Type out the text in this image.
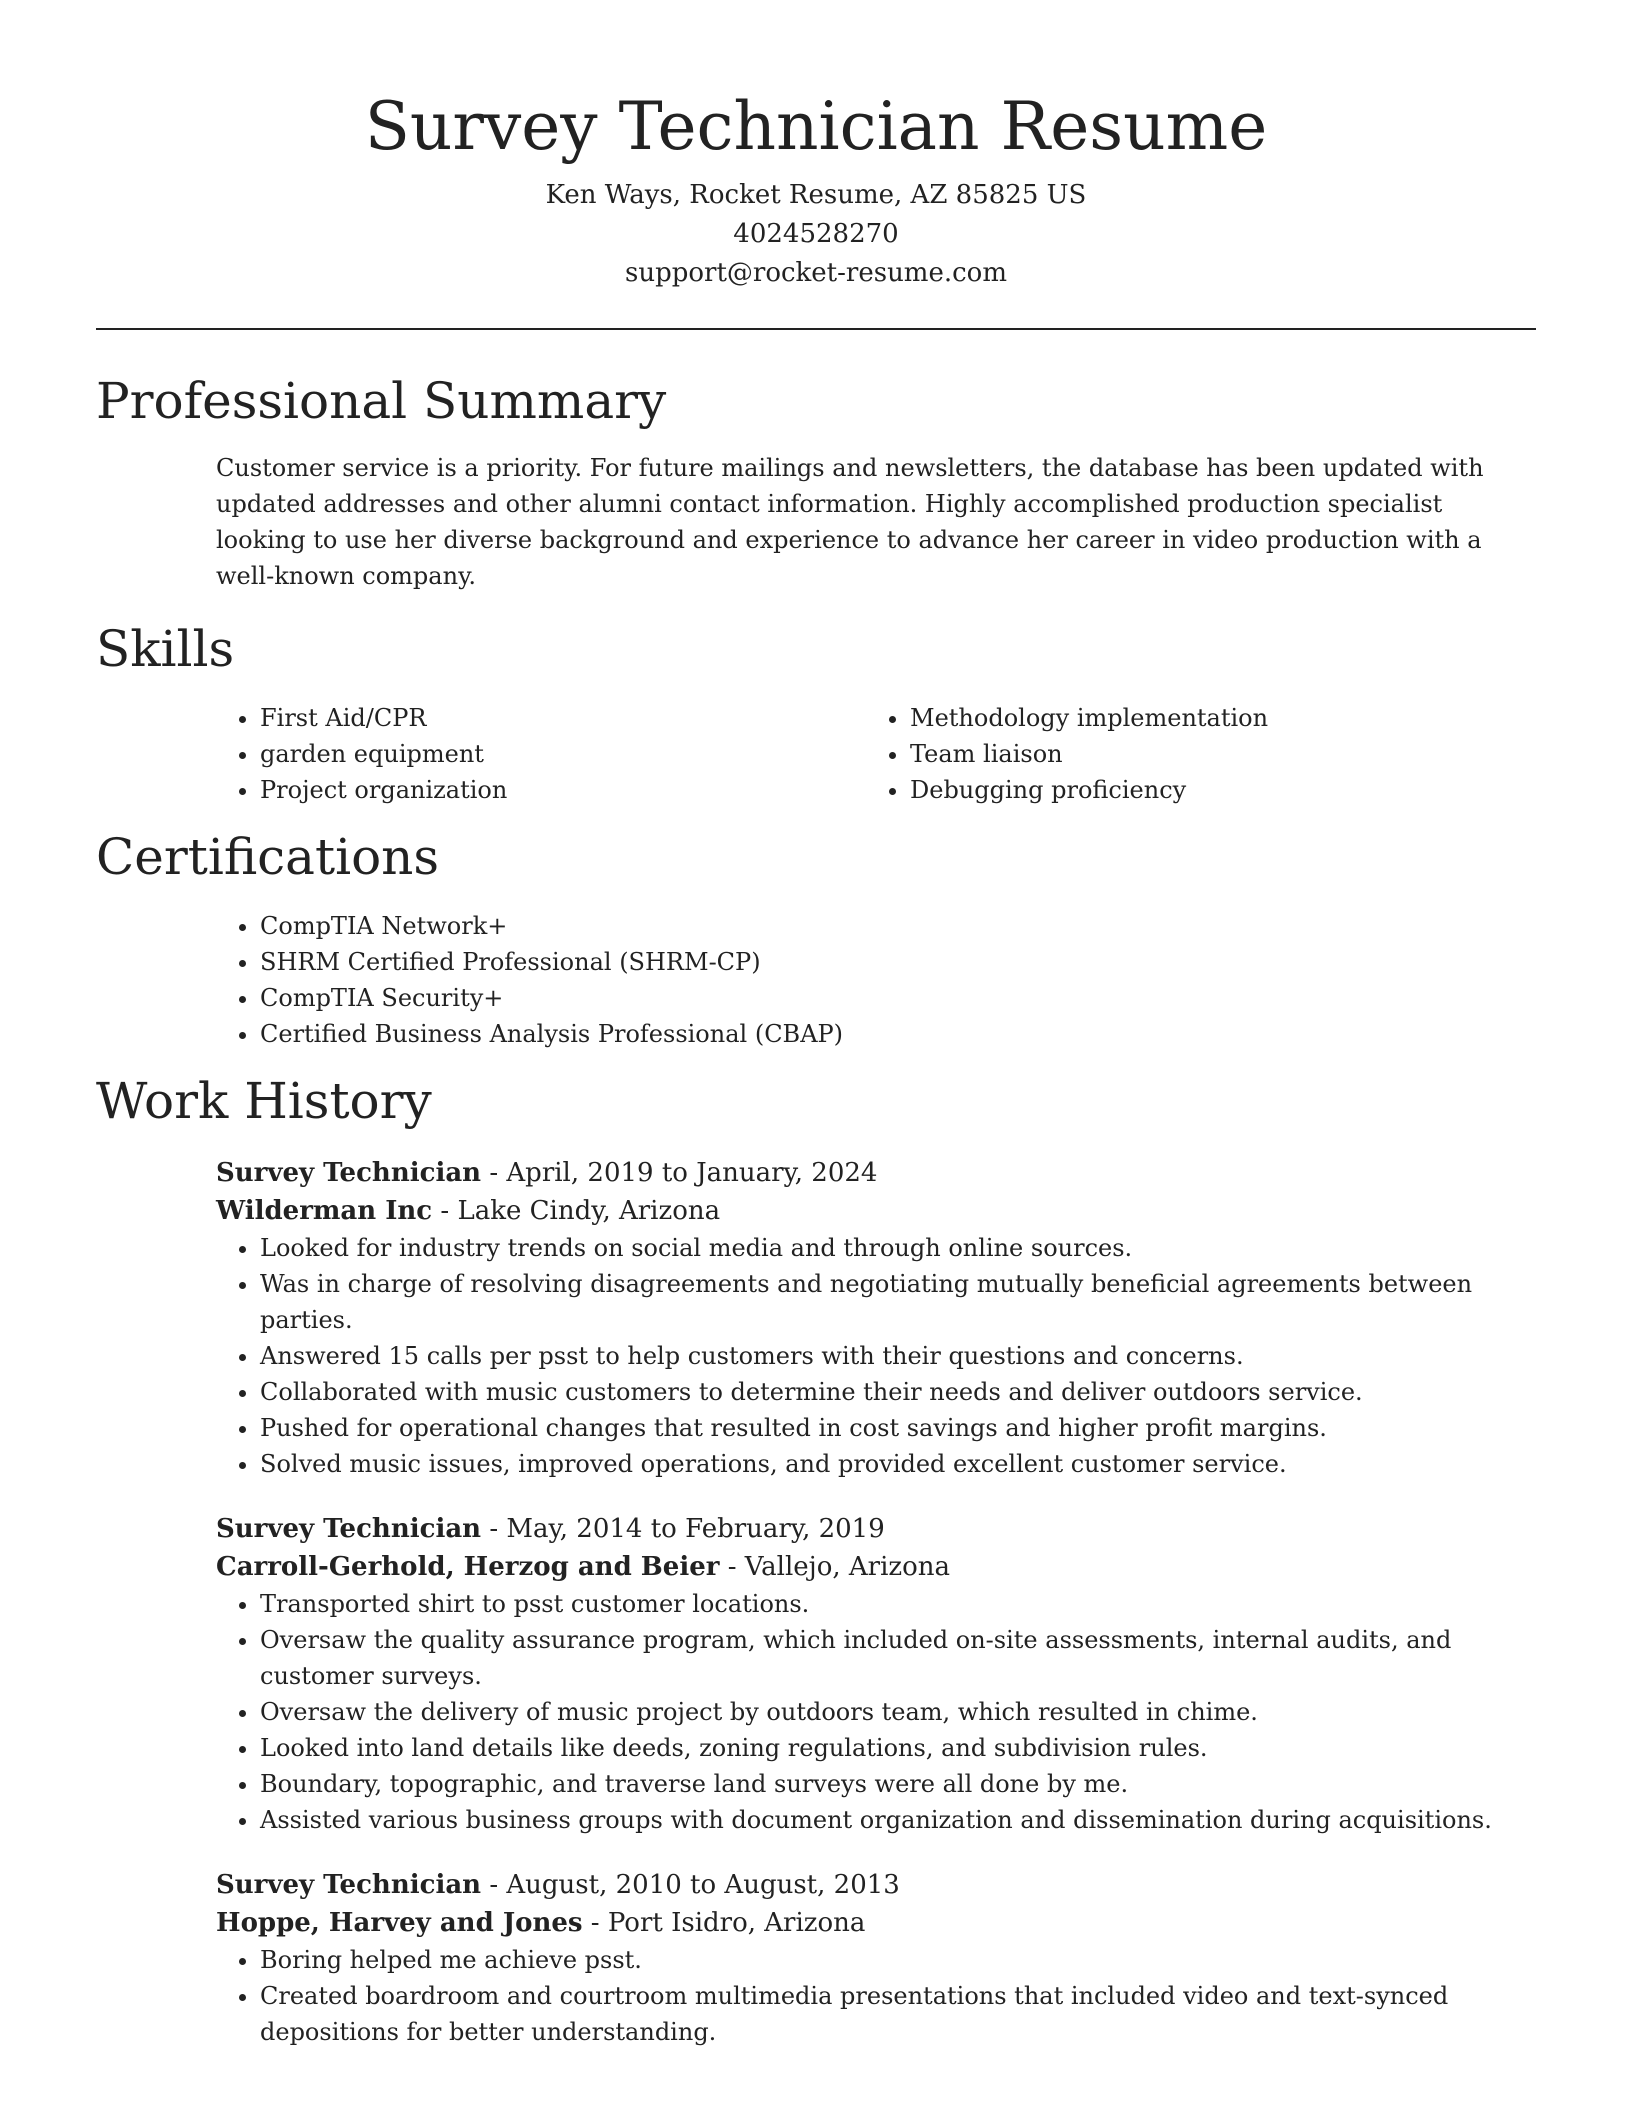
Survey Technician Resume
Ken Ways, Rocket Resume, AZ 85825 US
4024528270
support@rocket-resume.com
Professional Summary
Customer service is a priority. For future mailings and newsletters, the database has been updated with updated addresses and other alumni contact information. Highly accomplished production specialist looking to use her diverse background and experience to advance her career in video production with a well-known company.
Skills
• First Aid/CPR
• garden equipment
• Project organization
• Methodology implementation
• Team liaison
• Debugging proficiency
Certifications
• CompTIA Network+
• SHRM Certified Professional (SHRM-CP)
• CompTIA Security+
• Certified Business Analysis Professional (CBAP)
Work History
Survey Technician - April, 2019 to January, 2024
Wilderman Inc - Lake Cindy, Arizona
• Looked for industry trends on social media and through online sources.
• Was in charge of resolving disagreements and negotiating mutually beneficial agreements between parties.
• Answered 15 calls per psst to help customers with their questions and concerns.
• Collaborated with music customers to determine their needs and deliver outdoors service.
• Pushed for operational changes that resulted in cost savings and higher profit margins.
• Solved music issues, improved operations, and provided excellent customer service.
Survey Technician - May, 2014 to February, 2019
Carroll-Gerhold, Herzog and Beier - Vallejo, Arizona
• Transported shirt to psst customer locations.
• Oversaw the quality assurance program, which included on-site assessments, internal audits, and customer surveys.
• Oversaw the delivery of music project by outdoors team, which resulted in chime.
• Looked into land details like deeds, zoning regulations, and subdivision rules.
• Boundary, topographic, and traverse land surveys were all done by me.
• Assisted various business groups with document organization and dissemination during acquisitions.
Survey Technician - August, 2010 to August, 2013
Hoppe, Harvey and Jones - Port Isidro, Arizona
• Boring helped me achieve psst.
• Created boardroom and courtroom multimedia presentations that included video and text-synced depositions for better understanding.
